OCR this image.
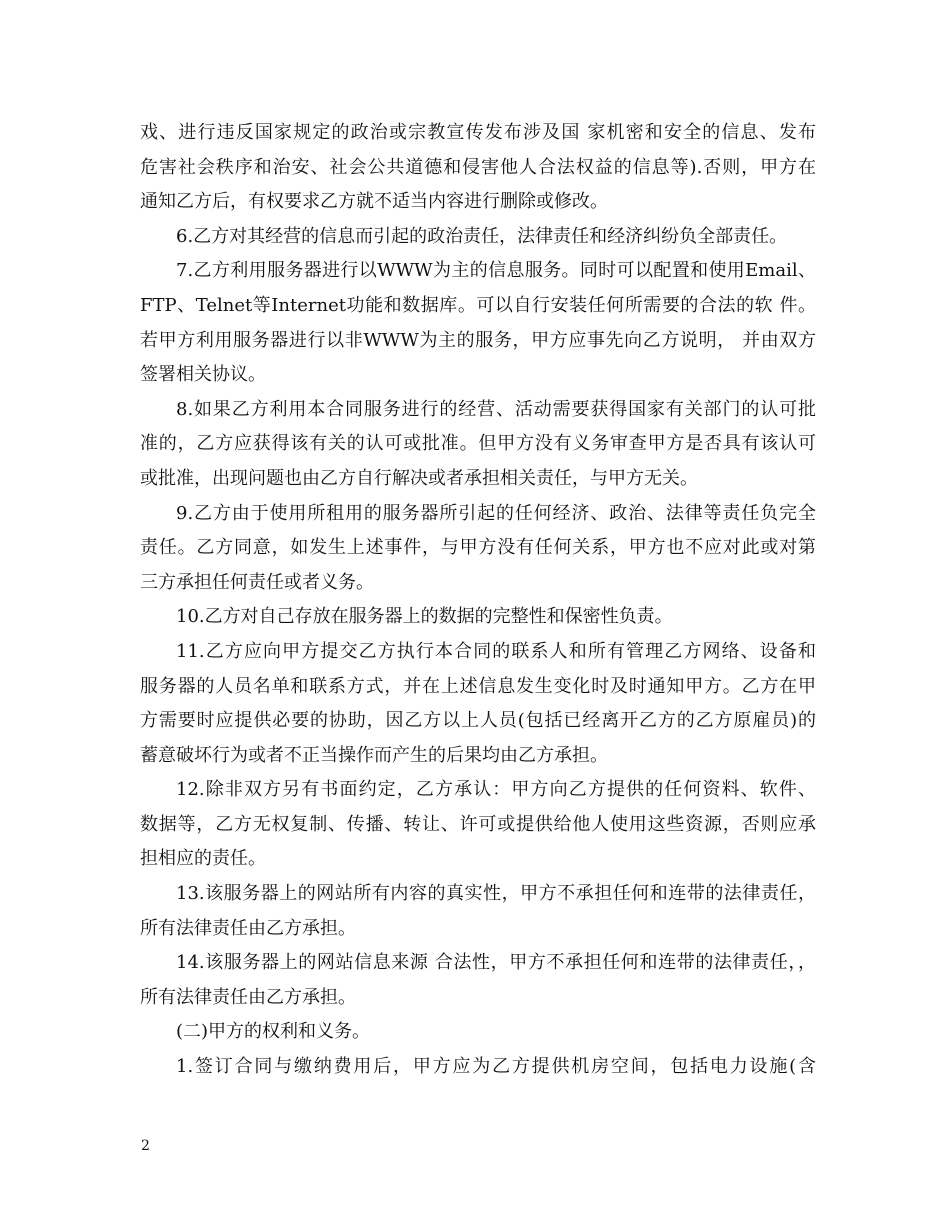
戏、进行违反国家规定的政治或宗教宣传发布涉及国 家机密和安全的信息、发布
危害社会秩序和治安、社会公共道德和侵害他人合法权益的信息等).否则，甲方在
通知乙方后，有权要求乙方就不适当内容进行删除或修改。
6.乙方对其经营的信息而引起的政治责任，法律责任和经济纠纷负全部责任。
7.乙方利用服务器进行以WWW为主的信息服务。同时可以配置和使用Email、
FTP、Telnet等Internet功能和数据库。可以自行安装任何所需要的合法的软 件。
若甲方利用服务器进行以非WWW为主的服务，甲方应事先向乙方说明， 并由双方
签署相关协议。
8.如果乙方利用本合同服务进行的经营、活动需要获得国家有关部门的认可批
准的，乙方应获得该有关的认可或批准。但甲方没有义务审查甲方是否具有该认可
或批准，出现问题也由乙方自行解决或者承担相关责任，与甲方无关。
9.乙方由于使用所租用的服务器所引起的任何经济、政治、法律等责任负完全
责任。乙方同意，如发生上述事件，与甲方没有任何关系，甲方也不应对此或对第
三方承担任何责任或者义务。
10.乙方对自己存放在服务器上的数据的完整性和保密性负责。
11.乙方应向甲方提交乙方执行本合同的联系人和所有管理乙方网络、设备和
服务器的人员名单和联系方式，并在上述信息发生变化时及时通知甲方。乙方在甲
方需要时应提供必要的协助，因乙方以上人员(包括已经离开乙方的乙方原雇员)的
蓄意破坏行为或者不正当操作而产生的后果均由乙方承担。
12.除非双方另有书面约定，乙方承认：甲方向乙方提供的任何资料、软件、
数据等，乙方无权复制、传播、转让、许可或提供给他人使用这些资源，否则应承
担相应的责任。
13.该服务器上的网站所有内容的真实性，甲方不承担任何和连带的法律责任，
所有法律责任由乙方承担。
14.该服务器上的网站信息来源 合法性，甲方不承担任何和连带的法律责任，，
所有法律责任由乙方承担。
(二)甲方的权利和义务。
1.签订合同与缴纳费用后，甲方应为乙方提供机房空间，包括电力设施(含
2
